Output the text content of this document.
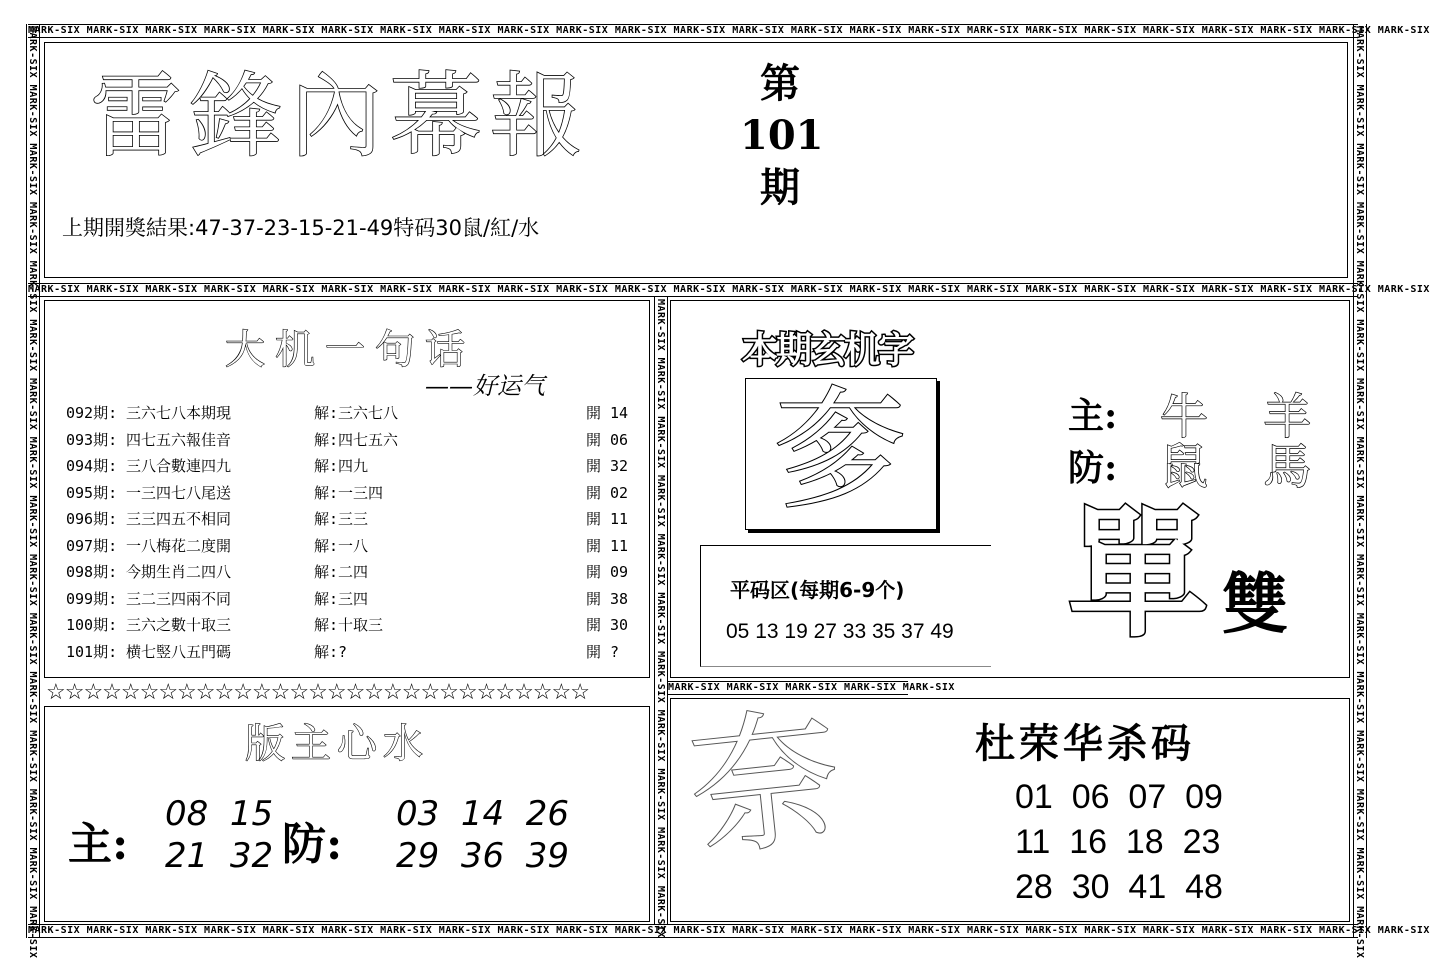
MARK-SIX MARK-SIX MARK-SIX MARK-SIX MARK-SIX MARK-SIX MARK-SIX MARK-SIX MARK-SIX MARK-SIX MARK-SIX MARK-SIX MARK-SIX MARK-SIX MARK-SIX MARK-SIX MARK-SIX MARK-SIX MARK-SIX MARK-SIX MARK-SIX MARK-SIX MARK-SIX MARK-SIX
MARK-SIX MARK-SIX MARK-SIX MARK-SIX MARK-SIX MARK-SIX MARK-SIX MARK-SIX MARK-SIX MARK-SIX MARK-SIX MARK-SIX MARK-SIX MARK-SIX MARK-SIX MARK-SIX MARK-SIX MARK-SIX MARK-SIX MARK-SIX MARK-SIX MARK-SIX MARK-SIX MARK-SIX
MARK-SIX MARK-SIX MARK-SIX MARK-SIX MARK-SIX MARK-SIX MARK-SIX MARK-SIX MARK-SIX MARK-SIX MARK-SIX MARK-SIX MARK-SIX MARK-SIX MARK-SIX MARK-SIX MARK-SIX MARK-SIX MARK-SIX MARK-SIX MARK-SIX MARK-SIX MARK-SIX MARK-SIX
MARK-SIX MARK-SIX MARK-SIX MARK-SIX MARK-SIX MARK-SIX MARK-SIX MARK-SIX MARK-SIX MARK-SIX MARK-SIX MARK-SIX MARK-SIX MARK-SIX MARK-SIX MARK-SIX	MARK-SIX MARK-SIX MARK-SIX MARK-SIX MARK-SIX MARK-SIX MARK-SIX MARK-SIX MARK-SIX MARK-SIX MARK-SIX MARK-SIX MARK-SIX MARK-SIX MARK-SIX MARK-SIX
MARK-SIX MARK-SIX MARK-SIX MARK-SIX MARK-SIX MARK-SIX MARK-SIX MARK-SIX MARK-SIX MARK-SIX MARK-SIX MARK-SIX MARK-SIX MARK-SIX MARK-SIX MARK-SIX
雷鋒內幕報	第
101
期
上期開獎結果:47-37-23-15-21-49特码30鼠/紅/水
大机一句话
——好运气
092期: 三六七八本期現	解:三六七八	開 14
093期: 四七五六報佳音	解:四七五六	開 06
094期: 三八合數連四九	解:四九	開 32
095期: 一三四七八尾送	解:一三四	開 02
096期: 三三四五不相同	解:三三	開 11
097期: 一八梅花二度開	解:一八	開 11
098期: 今期生肖二四八	解:二四	開 09
099期: 三二三四兩不同	解:三四	開 38
100期: 三六之數十取三	解:十取三	開 30
101期: 横七竪八五門碼	解:?	開 ?
☆☆☆☆☆☆☆☆☆☆☆☆☆☆☆☆☆☆☆☆☆☆☆☆☆☆☆☆☆
版主心水
主:
08  15
21  32 防:
03  14  26
29  36  39
本期玄机字
奓	主: 牛 羊
防: 鼠 馬
單 雙
平码区(每期6-9个)
05 13 19 27 33 35 37 49
奈	杜荣华杀码
01  06  07  09
11  16  18  23
28  30  41  48
